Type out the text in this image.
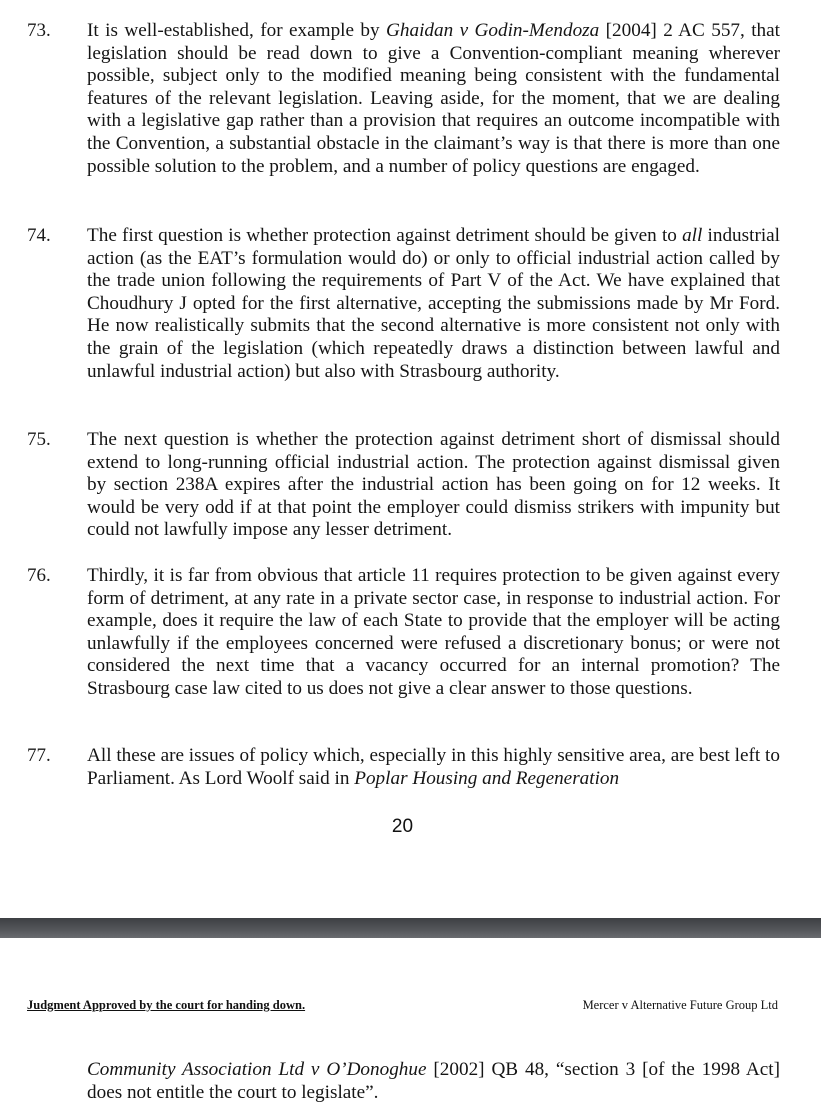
73. It is well-established, for example by Ghaidan v Godin-Mendoza [2004] 2 AC 557, that legislation should be read down to give a Convention-compliant meaning wherever possible, subject only to the modified meaning being consistent with the fundamental features of the relevant legislation. Leaving aside, for the moment, that we are dealing with a legislative gap rather than a provision that requires an outcome incompatible with the Convention, a substantial obstacle in the claimant’s way is that there is more than one possible solution to the problem, and a number of policy questions are engaged.

74. The first question is whether protection against detriment should be given to all industrial action (as the EAT’s formulation would do) or only to official industrial action called by the trade union following the requirements of Part V of the Act. We have explained that Choudhury J opted for the first alternative, accepting the submissions made by Mr Ford. He now realistically submits that the second alternative is more consistent not only with the grain of the legislation (which repeatedly draws a distinction between lawful and unlawful industrial action) but also with Strasbourg authority.

75. The next question is whether the protection against detriment short of dismissal should extend to long-running official industrial action. The protection against dismissal given by section 238A expires after the industrial action has been going on for 12 weeks. It would be very odd if at that point the employer could dismiss strikers with impunity but could not lawfully impose any lesser detriment.

76. Thirdly, it is far from obvious that article 11 requires protection to be given against every form of detriment, at any rate in a private sector case, in response to industrial action. For example, does it require the law of each State to provide that the employer will be acting unlawfully if the employees concerned were refused a discretionary bonus; or were not considered the next time that a vacancy occurred for an internal promotion? The Strasbourg case law cited to us does not give a clear answer to those questions.

77. All these are issues of policy which, especially in this highly sensitive area, are best left to Parliament. As Lord Woolf said in Poplar Housing and Regeneration

20
Judgment Approved by the court for handing down.	Mercer v Alternative Future Group Ltd

Community Association Ltd v O’Donoghue [2002] QB 48, “section 3 [of the 1998 Act] does not entitle the court to legislate”.
